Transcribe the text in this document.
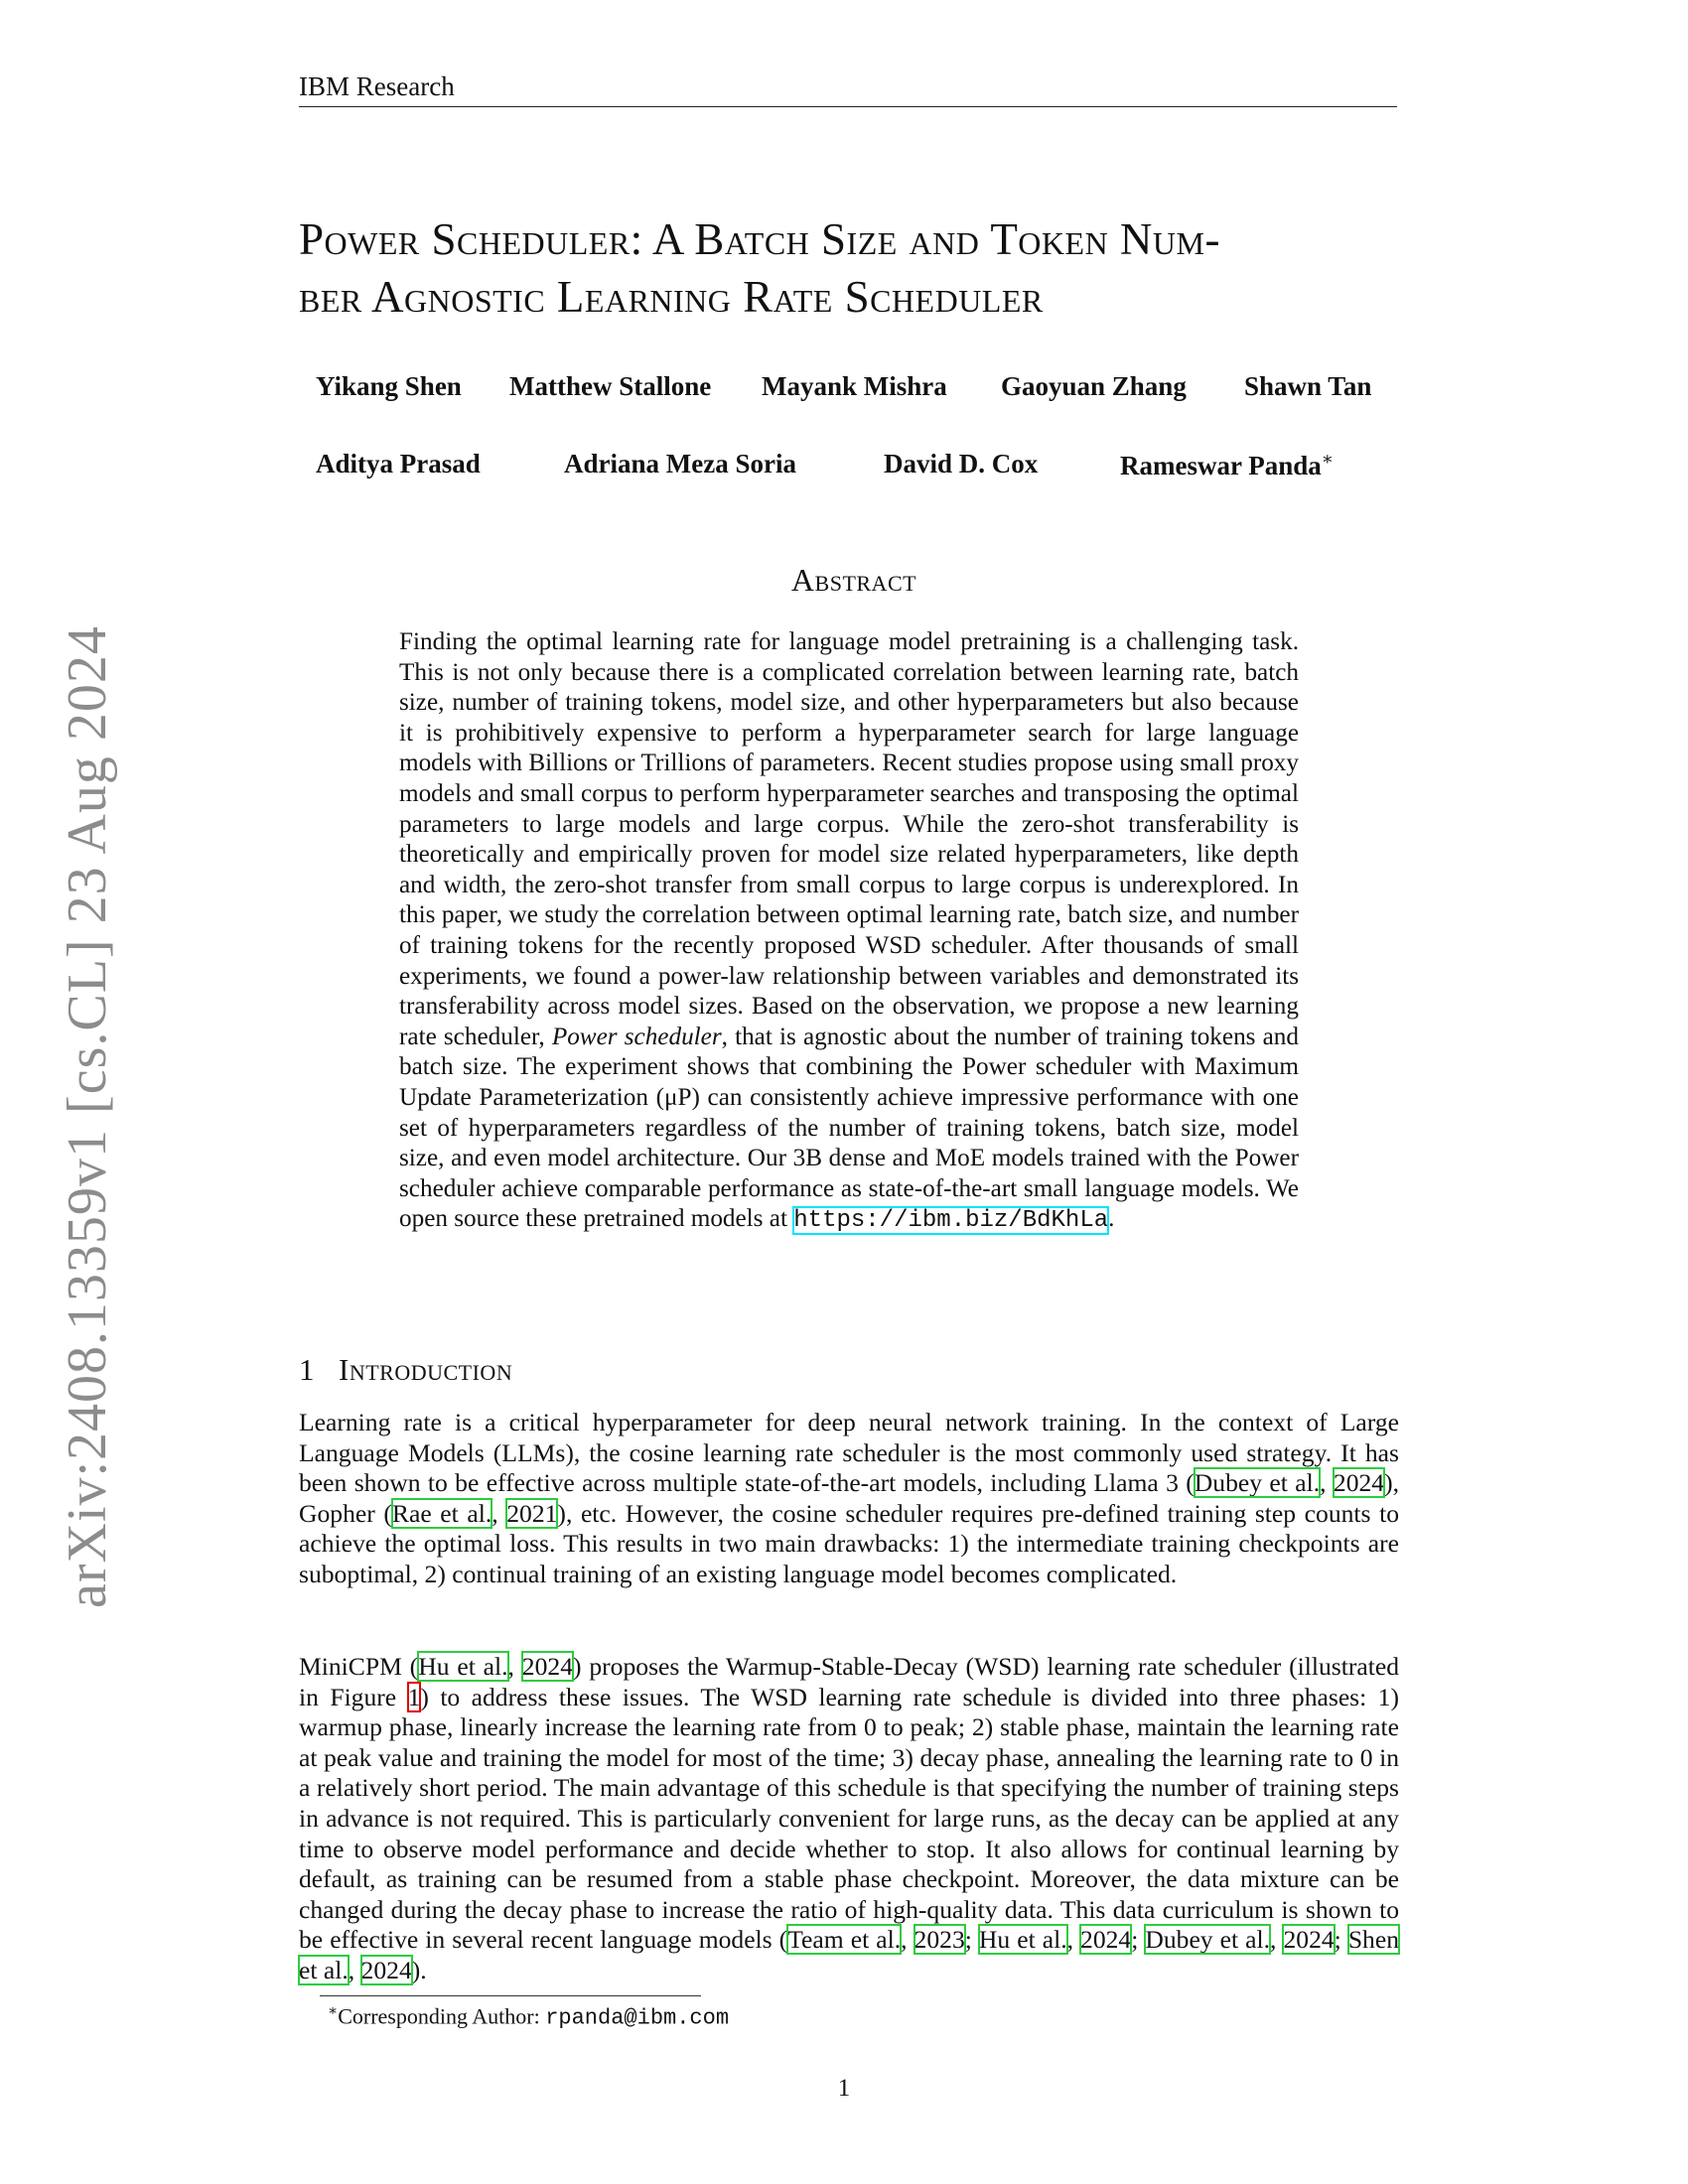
arXiv:2408.13359v1 [cs.CL] 23 Aug 2024
IBM Research
Power Scheduler: A Batch Size and Token Num-
ber Agnostic Learning Rate Scheduler
Yikang Shen Matthew Stallone Mayank Mishra Gaoyuan Zhang Shawn Tan
Aditya Prasad	Adriana Meza Soria	David D. Cox	Rameswar Panda∗
Abstract
Finding the optimal learning rate for language model pretraining is a challenging task. This is not only because there is a complicated correlation between learning rate, batch size, number of training tokens, model size, and other hyperparameters but also because it is prohibitively expensive to perform a hyperparameter search for large language models with Billions or Trillions of parameters. Recent studies propose using small proxy models and small corpus to perform hyperparameter searches and transposing the optimal parameters to large models and large corpus. While the zero-shot transferability is theoretically and empirically proven for model size related hyperparameters, like depth and width, the zero-shot transfer from small corpus to large corpus is underexplored. In this paper, we study the correlation between optimal learning rate, batch size, and number of training tokens for the recently proposed WSD scheduler. After thousands of small experiments, we found a power-law relationship between variables and demonstrated its transferability across model sizes. Based on the observation, we propose a new learning rate scheduler, Power scheduler, that is agnostic about the number of training tokens and batch size. The experiment shows that combining the Power scheduler with Maximum Update Parameterization (μP) can consistently achieve impressive performance with one set of hyperparameters regardless of the number of training tokens, batch size, model size, and even model architecture. Our 3B dense and MoE models trained with the Power scheduler achieve comparable performance as state-of-the-art small language models. We open source these pretrained models at https://ibm.biz/BdKhLa.
1 Introduction
Learning rate is a critical hyperparameter for deep neural network training. In the context of Large Language Models (LLMs), the cosine learning rate scheduler is the most commonly used strategy. It has been shown to be effective across multiple state-of-the-art models, including Llama 3 (Dubey et al., 2024), Gopher (Rae et al., 2021), etc. However, the cosine scheduler requires pre-defined training step counts to achieve the optimal loss. This results in two main drawbacks: 1) the intermediate training checkpoints are suboptimal, 2) continual training of an existing language model becomes complicated.
MiniCPM (Hu et al., 2024) proposes the Warmup-Stable-Decay (WSD) learning rate scheduler (illustrated in Figure 1) to address these issues. The WSD learning rate schedule is divided into three phases: 1) warmup phase, linearly increase the learning rate from 0 to peak; 2) stable phase, maintain the learning rate at peak value and training the model for most of the time; 3) decay phase, annealing the learning rate to 0 in a relatively short period. The main advantage of this schedule is that specifying the number of training steps in advance is not required. This is particularly convenient for large runs, as the decay can be applied at any time to observe model performance and decide whether to stop. It also allows for continual learning by default, as training can be resumed from a stable phase checkpoint. Moreover, the data mixture can be changed during the decay phase to increase the ratio of high-quality data. This data curriculum is shown to be effective in several recent language models (Team et al., 2023; Hu et al., 2024; Dubey et al., 2024; Shen et al., 2024).
∗Corresponding Author: rpanda@ibm.com
1
